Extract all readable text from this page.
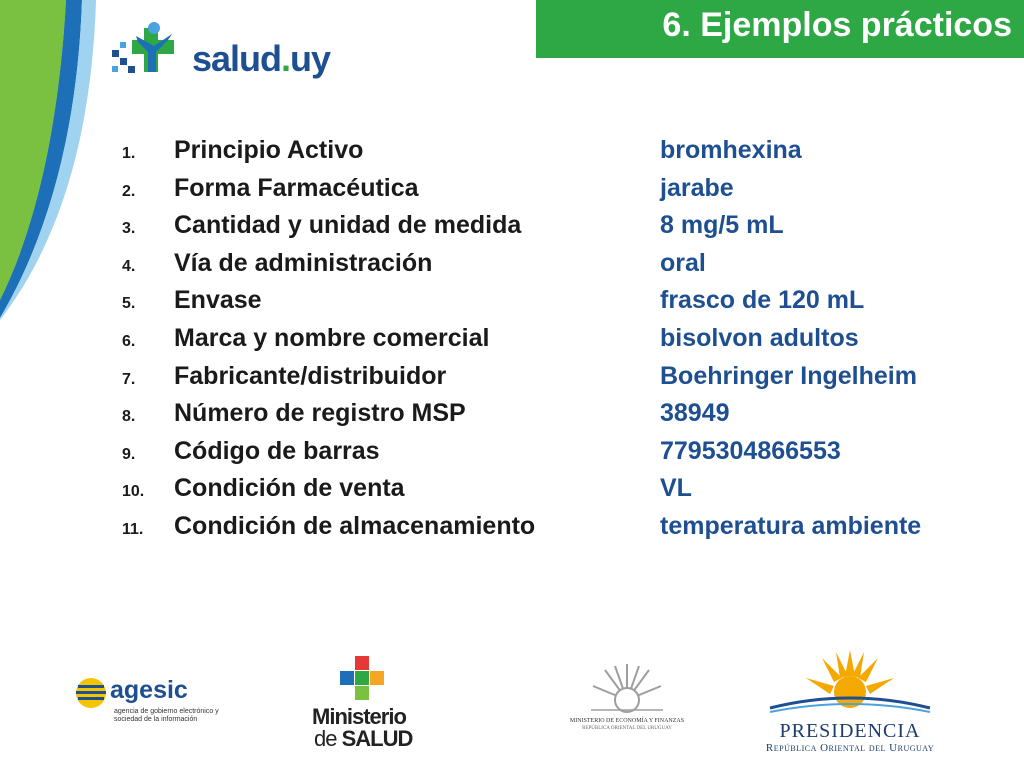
6. Ejemplos prácticos
salud.uy
1.	Principio Activo	bromhexina
2.	Forma Farmacéutica	jarabe
3.	Cantidad y unidad de medida	8 mg/5 mL
4.	Vía de administración	oral
5.	Envase	frasco de 120 mL
6.	Marca y nombre comercial	bisolvon adultos
7.	Fabricante/distribuidor	Boehringer Ingelheim
8.	Número de registro MSP	38949
9.	Código de barras	7795304866553
10.	Condición de venta	VL
11.	Condición de almacenamiento	temperatura ambiente
agesic
agencia de gobierno electrónico y sociedad de la información	Ministerio
de SALUD
MINISTERIO DE ECONOMÍA Y FINANZAS
REPÚBLICA ORIENTAL DEL URUGUAY	PRESIDENCIA
República Oriental del Uruguay
